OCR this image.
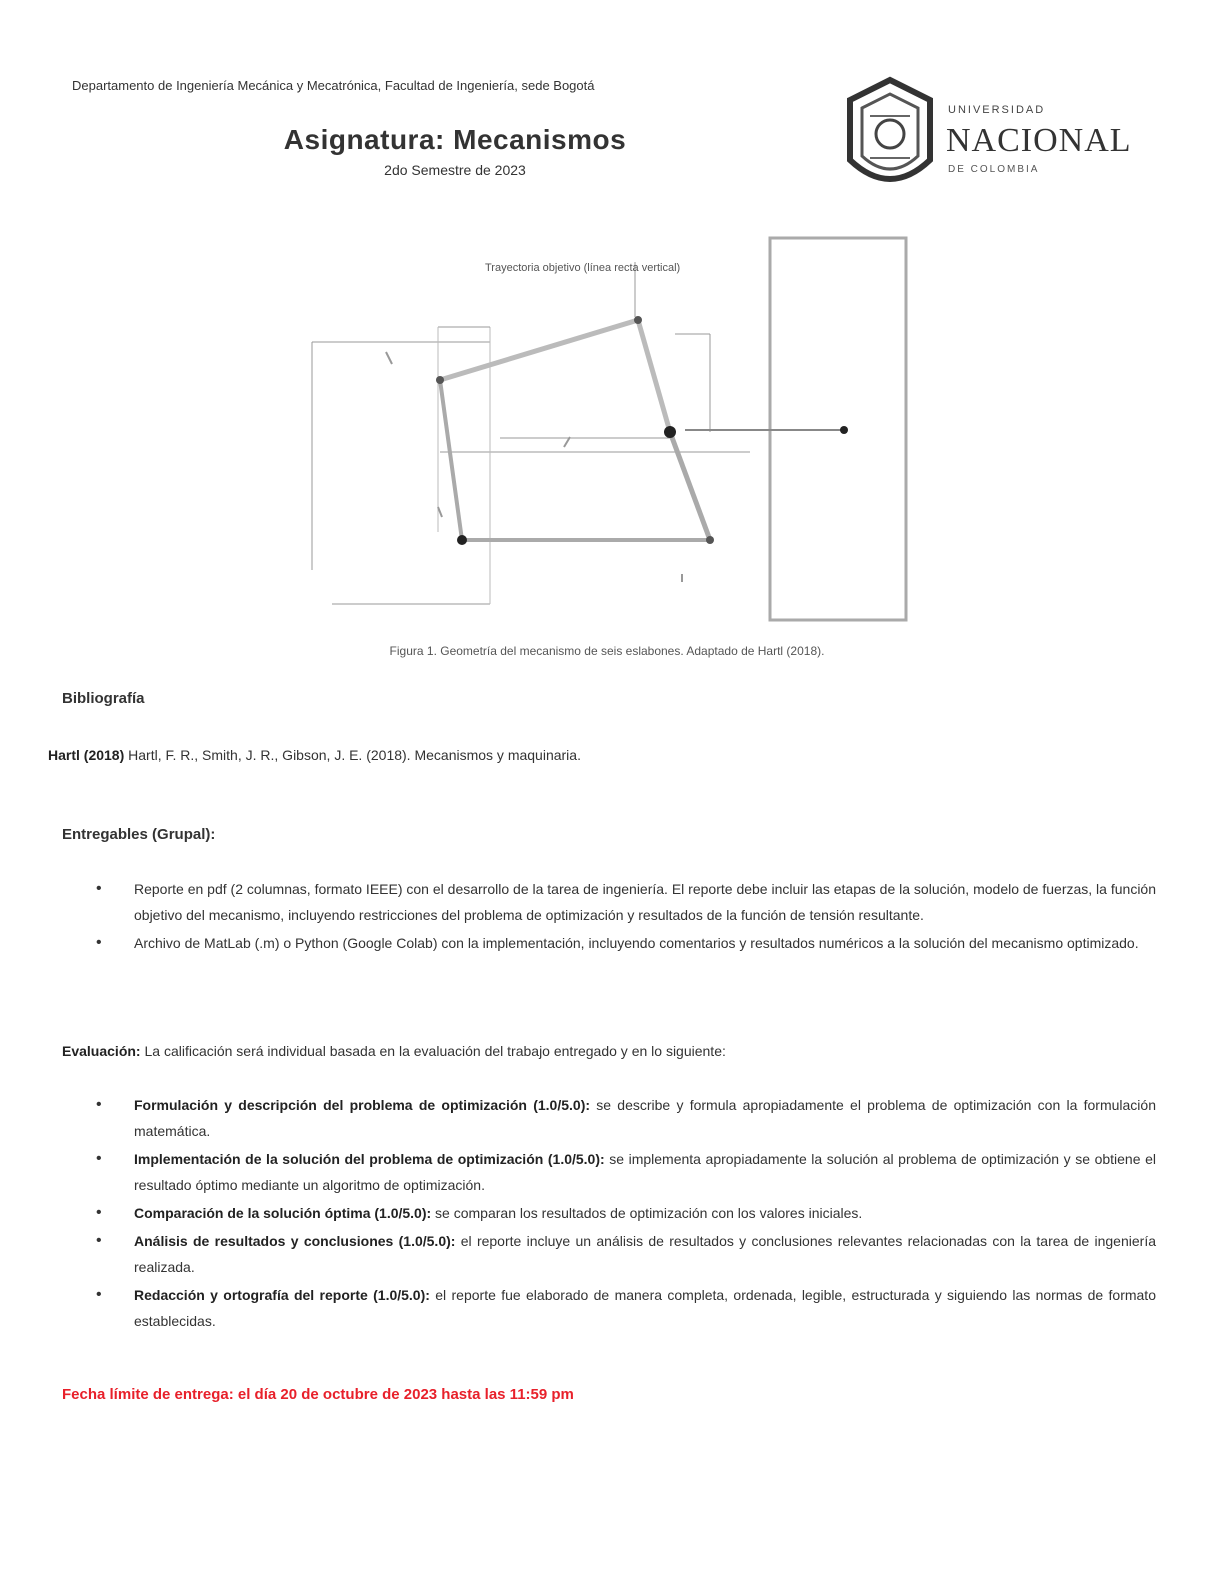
Departamento de Ingeniería Mecánica y Mecatrónica, Facultad de Ingeniería, sede Bogotá
Asignatura: Mecanismos
2do Semestre de 2023
UNIVERSIDAD
NACIONAL
DE COLOMBIA
Trayectoria objetivo (línea recta vertical)
Figura 1. Geometría del mecanismo de seis eslabones. Adaptado de Hartl (2018).
Bibliografía
Hartl (2018) Hartl, F. R., Smith, J. R., Gibson, J. E. (2018). Mecanismos y maquinaria.
Entregables (Grupal):
• Reporte en pdf (2 columnas, formato IEEE) con el desarrollo de la tarea de ingeniería. El reporte debe incluir las etapas de la solución, modelo de fuerzas, la función objetivo del mecanismo, incluyendo restricciones del problema de optimización y resultados de la función de tensión resultante.
• Archivo de MatLab (.m) o Python (Google Colab) con la implementación, incluyendo comentarios y resultados numéricos a la solución del mecanismo optimizado.
Evaluación: La calificación será individual basada en la evaluación del trabajo entregado y en lo siguiente:
• Formulación y descripción del problema de optimización (1.0/5.0): se describe y formula apropiadamente el problema de optimización con la formulación matemática.
• Implementación de la solución del problema de optimización (1.0/5.0): se implementa apropiadamente la solución al problema de optimización y se obtiene el resultado óptimo mediante un algoritmo de optimización.
• Comparación de la solución óptima (1.0/5.0): se comparan los resultados de optimización con los valores iniciales.
• Análisis de resultados y conclusiones (1.0/5.0): el reporte incluye un análisis de resultados y conclusiones relevantes relacionadas con la tarea de ingeniería realizada.
• Redacción y ortografía del reporte (1.0/5.0): el reporte fue elaborado de manera completa, ordenada, legible, estructurada y siguiendo las normas de formato establecidas.
Fecha límite de entrega: el día 20 de octubre de 2023 hasta las 11:59 pm
